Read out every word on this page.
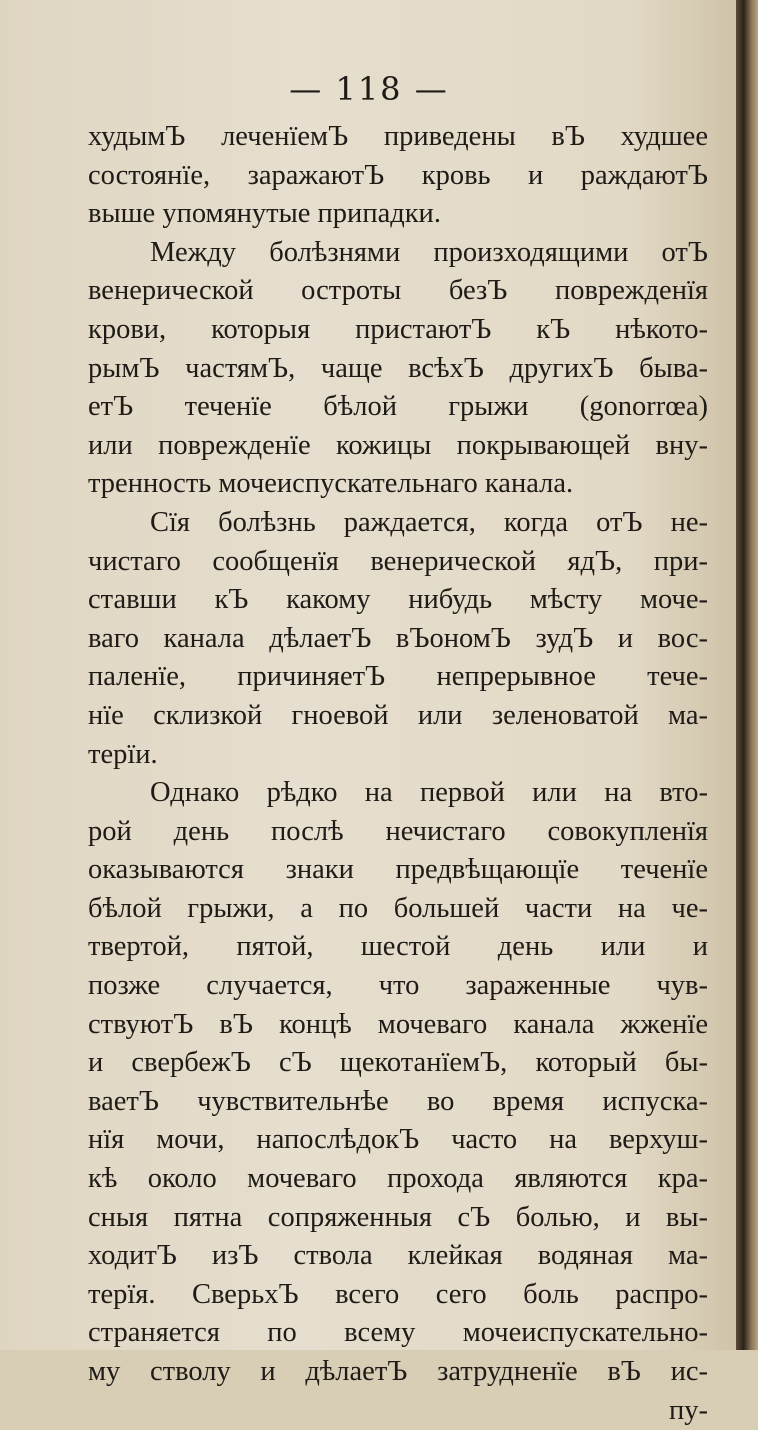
— 118 —
худымЪ леченїемЪ приведены вЪ худшее
состоянїе, заражаютЪ кровь и раждаютЪ
выше упомянутые припадки.
Между болѣзнями произходящими отЪ
венерической остроты безЪ поврежденїя
крови, которыя пристаютЪ кЪ нѣкото-
рымЪ частямЪ, чаще всѣхЪ другихЪ быва-
етЪ теченїе бѣлой грыжи (gonorrœa)
или поврежденїе кожицы покрывающей вну-
тренность мочеиспускательнаго канала.
Сїя болѣзнь раждается, когда отЪ не-
чистаго сообщенїя венерической ядЪ, при-
ставши кЪ какому нибудь мѣсту моче-
ваго канала дѣлаетЪ вЪономЪ зудЪ и вос-
паленїе, причиняетЪ непрерывное тече-
нїе склизкой гноевой или зеленоватой ма-
терїи.
Однако рѣдко на первой или на вто-
рой день послѣ нечистаго совокупленїя
оказываются знаки предвѣщающїе теченїе
бѣлой грыжи, а по большей части на че-
твертой, пятой, шестой день или и
позже случается, что зараженные чув-
ствуютЪ вЪ концѣ мочеваго канала жженїе
и свербежЪ сЪ щекотанїемЪ, который бы-
ваетЪ чувствительнѣе во время испуска-
нїя мочи, напослѣдокЪ часто на верхуш-
кѣ около мочеваго прохода являются кра-
сныя пятна сопряженныя сЪ болью, и вы-
ходитЪ изЪ ствола клейкая водяная ма-
терїя. СверьхЪ всего сего боль распро-
страняется по всему мочеиспускательно-
му стволу и дѣлаетЪ затрудненїе вЪ ис-
пу-
